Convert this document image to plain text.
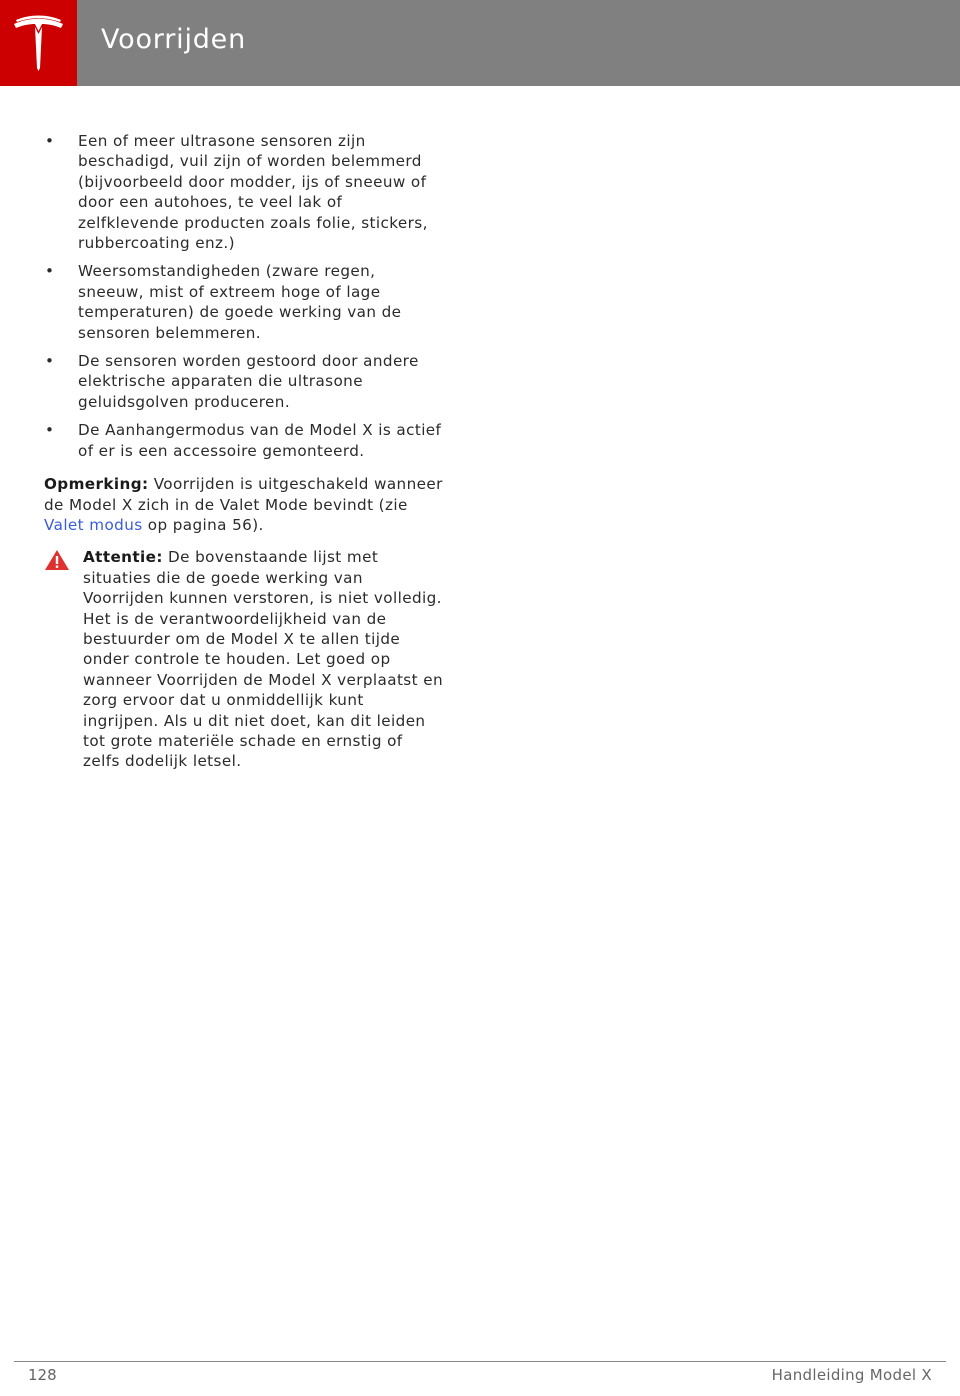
Voorrijden
• Een of meer ultrasone sensoren zijn beschadigd, vuil zijn of worden belemmerd (bijvoorbeeld door modder, ijs of sneeuw of door een autohoes, te veel lak of zelfklevende producten zoals folie, stickers, rubbercoating enz.)
• Weersomstandigheden (zware regen, sneeuw, mist of extreem hoge of lage temperaturen) de goede werking van de sensoren belemmeren.
• De sensoren worden gestoord door andere elektrische apparaten die ultrasone geluidsgolven produceren.
• De Aanhangermodus van de Model X is actief of er is een accessoire gemonteerd.

Opmerking: Voorrijden is uitgeschakeld wanneer de Model X zich in de Valet Mode bevindt (zie Valet modus op pagina 56).

Attentie: De bovenstaande lijst met situaties die de goede werking van Voorrijden kunnen verstoren, is niet volledig. Het is de verantwoordelijkheid van de bestuurder om de Model X te allen tijde onder controle te houden. Let goed op wanneer Voorrijden de Model X verplaatst en zorg ervoor dat u onmiddellijk kunt ingrijpen. Als u dit niet doet, kan dit leiden tot grote materiële schade en ernstig of zelfs dodelijk letsel.

128	Handleiding Model X
